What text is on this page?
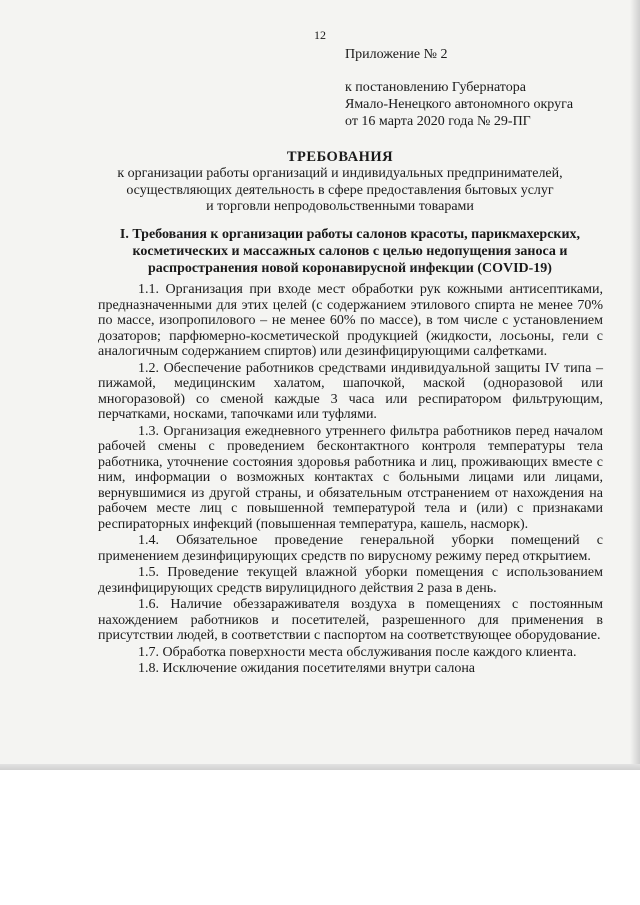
12
Приложение № 2
к постановлению Губернатора
Ямало-Ненецкого автономного округа
от 16 марта 2020 года № 29-ПГ
ТРЕБОВАНИЯ
к организации работы организаций и индивидуальных предпринимателей,
осуществляющих деятельность в сфере предоставления бытовых услуг
и торговли непродовольственными товарами
I. Требования к организации работы салонов красоты, парикмахерских,
косметических и массажных салонов с целью недопущения заноса и
распространения новой коронавирусной инфекции (COVID-19)

1.1. Организация при входе мест обработки рук кожными антисептиками, предназначенными для этих целей (с содержанием этилового спирта не менее 70% по массе, изопропилового – не менее 60% по массе), в том числе с установлением дозаторов; парфюмерно-косметической продукцией (жидкости, лосьоны, гели с аналогичным содержанием спиртов) или дезинфицирующими салфетками.

1.2. Обеспечение работников средствами индивидуальной защиты IV типа – пижамой, медицинским халатом, шапочкой, маской (одноразовой или многоразовой) со сменой каждые 3 часа или респиратором фильтрующим, перчатками, носками, тапочками или туфлями.

1.3. Организация ежедневного утреннего фильтра работников перед началом рабочей смены с проведением бесконтактного контроля температуры тела работника, уточнение состояния здоровья работника и лиц, проживающих вместе с ним, информации о возможных контактах с больными лицами или лицами, вернувшимися из другой страны, и обязательным отстранением от нахождения на рабочем месте лиц с повышенной температурой тела и (или) с признаками респираторных инфекций (повышенная температура, кашель, насморк).

1.4. Обязательное проведение генеральной уборки помещений с применением дезинфицирующих средств по вирусному режиму перед открытием.

1.5. Проведение текущей влажной уборки помещения с использованием дезинфицирующих средств вирулицидного действия 2 раза в день.

1.6. Наличие обеззараживателя воздуха в помещениях с постоянным нахождением работников и посетителей, разрешенного для применения в присутствии людей, в соответствии с паспортом на соответствующее оборудование.

1.7. Обработка поверхности места обслуживания после каждого клиента.

1.8. Исключение ожидания посетителями внутри салона
